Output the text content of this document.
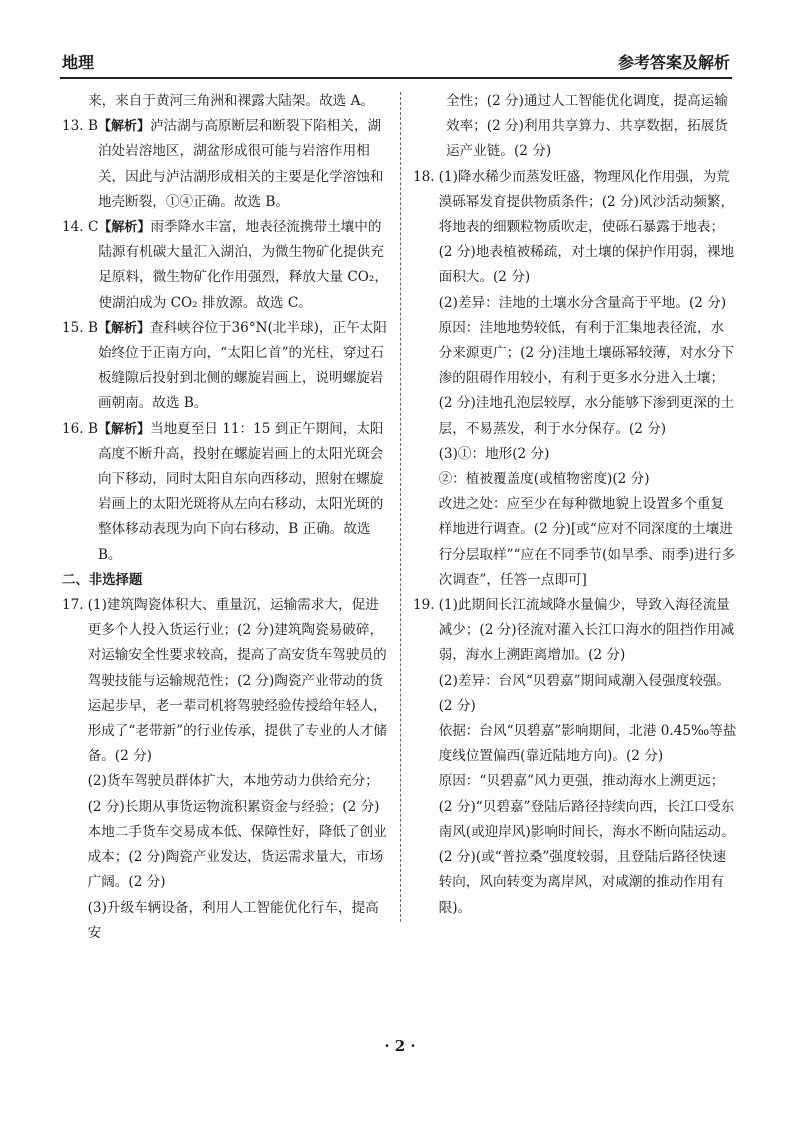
地理	参考答案及解析
来，来自于黄河三角洲和裸露大陆架。故选 A。
13. B 【解析】泸沽湖与高原断层和断裂下陷相关，湖泊处岩溶地区，湖盆形成很可能与岩溶作用相关，因此与泸沽湖形成相关的主要是化学溶蚀和地壳断裂，①④正确。故选 B。
14. C 【解析】雨季降水丰富，地表径流携带土壤中的陆源有机碳大量汇入湖泊，为微生物矿化提供充足原料，微生物矿化作用强烈，释放大量 CO₂，使湖泊成为 CO₂ 排放源。故选 C。
15. B 【解析】查科峡谷位于36°N(北半球)，正午太阳始终位于正南方向，“太阳匕首”的光柱，穿过石板缝隙后投射到北侧的螺旋岩画上，说明螺旋岩画朝南。故选 B。
16. B 【解析】当地夏至日 11：15 到正午期间，太阳高度不断升高，投射在螺旋岩画上的太阳光斑会向下移动，同时太阳自东向西移动，照射在螺旋岩画上的太阳光斑将从左向右移动，太阳光斑的整体移动表现为向下向右移动，B 正确。故选 B。
二、非选择题
17. (1)建筑陶瓷体积大、重量沉，运输需求大，促进更多个人投入货运行业；(2 分)建筑陶瓷易破碎，对运输安全性要求较高，提高了高安货车驾驶员的驾驶技能与运输规范性；(2 分)陶瓷产业带动的货运起步早，老一辈司机将驾驶经验传授给年轻人，形成了“老带新”的行业传承，提供了专业的人才储备。(2 分)
(2)货车驾驶员群体扩大，本地劳动力供给充分；(2 分)长期从事货运物流积累资金与经验；(2 分)本地二手货车交易成本低、保障性好，降低了创业成本；(2 分)陶瓷产业发达，货运需求量大，市场广阔。(2 分)
(3)升级车辆设备，利用人工智能优化行车，提高安
全性；(2 分)通过人工智能优化调度，提高运输效率；(2 分)利用共享算力、共享数据，拓展货运产业链。(2 分)
18. (1)降水稀少而蒸发旺盛，物理风化作用强，为荒漠砾幂发育提供物质条件；(2 分)风沙活动频繁，将地表的细颗粒物质吹走，使砾石暴露于地表；(2 分)地表植被稀疏，对土壤的保护作用弱，裸地面积大。(2 分)
(2)差异：洼地的土壤水分含量高于平地。(2 分)
原因：洼地地势较低，有利于汇集地表径流，水分来源更广；(2 分)洼地土壤砾幂较薄，对水分下渗的阻碍作用较小，有利于更多水分进入土壤；(2 分)洼地孔泡层较厚，水分能够下渗到更深的土层，不易蒸发，利于水分保存。(2 分)
(3)①：地形(2 分)
②：植被覆盖度(或植物密度)(2 分)
改进之处：应至少在每种微地貌上设置多个重复样地进行调查。(2 分)[或“应对不同深度的土壤进行分层取样”“应在不同季节(如旱季、雨季)进行多次调查”，任答一点即可]
19. (1)此期间长江流域降水量偏少，导致入海径流量减少；(2 分)径流对灌入长江口海水的阻挡作用减弱，海水上溯距离增加。(2 分)
(2)差异：台风“贝碧嘉”期间咸潮入侵强度较强。(2 分)
依据：台风“贝碧嘉”影响期间，北港 0.45‰等盐度线位置偏西(靠近陆地方向)。(2 分)
原因：“贝碧嘉”风力更强，推动海水上溯更远；(2 分)“贝碧嘉”登陆后路径持续向西，长江口受东南风(或迎岸风)影响时间长，海水不断向陆运动。(2 分)(或“普拉桑”强度较弱，且登陆后路径快速转向，风向转变为离岸风，对咸潮的推动作用有限)。
· 2 ·
